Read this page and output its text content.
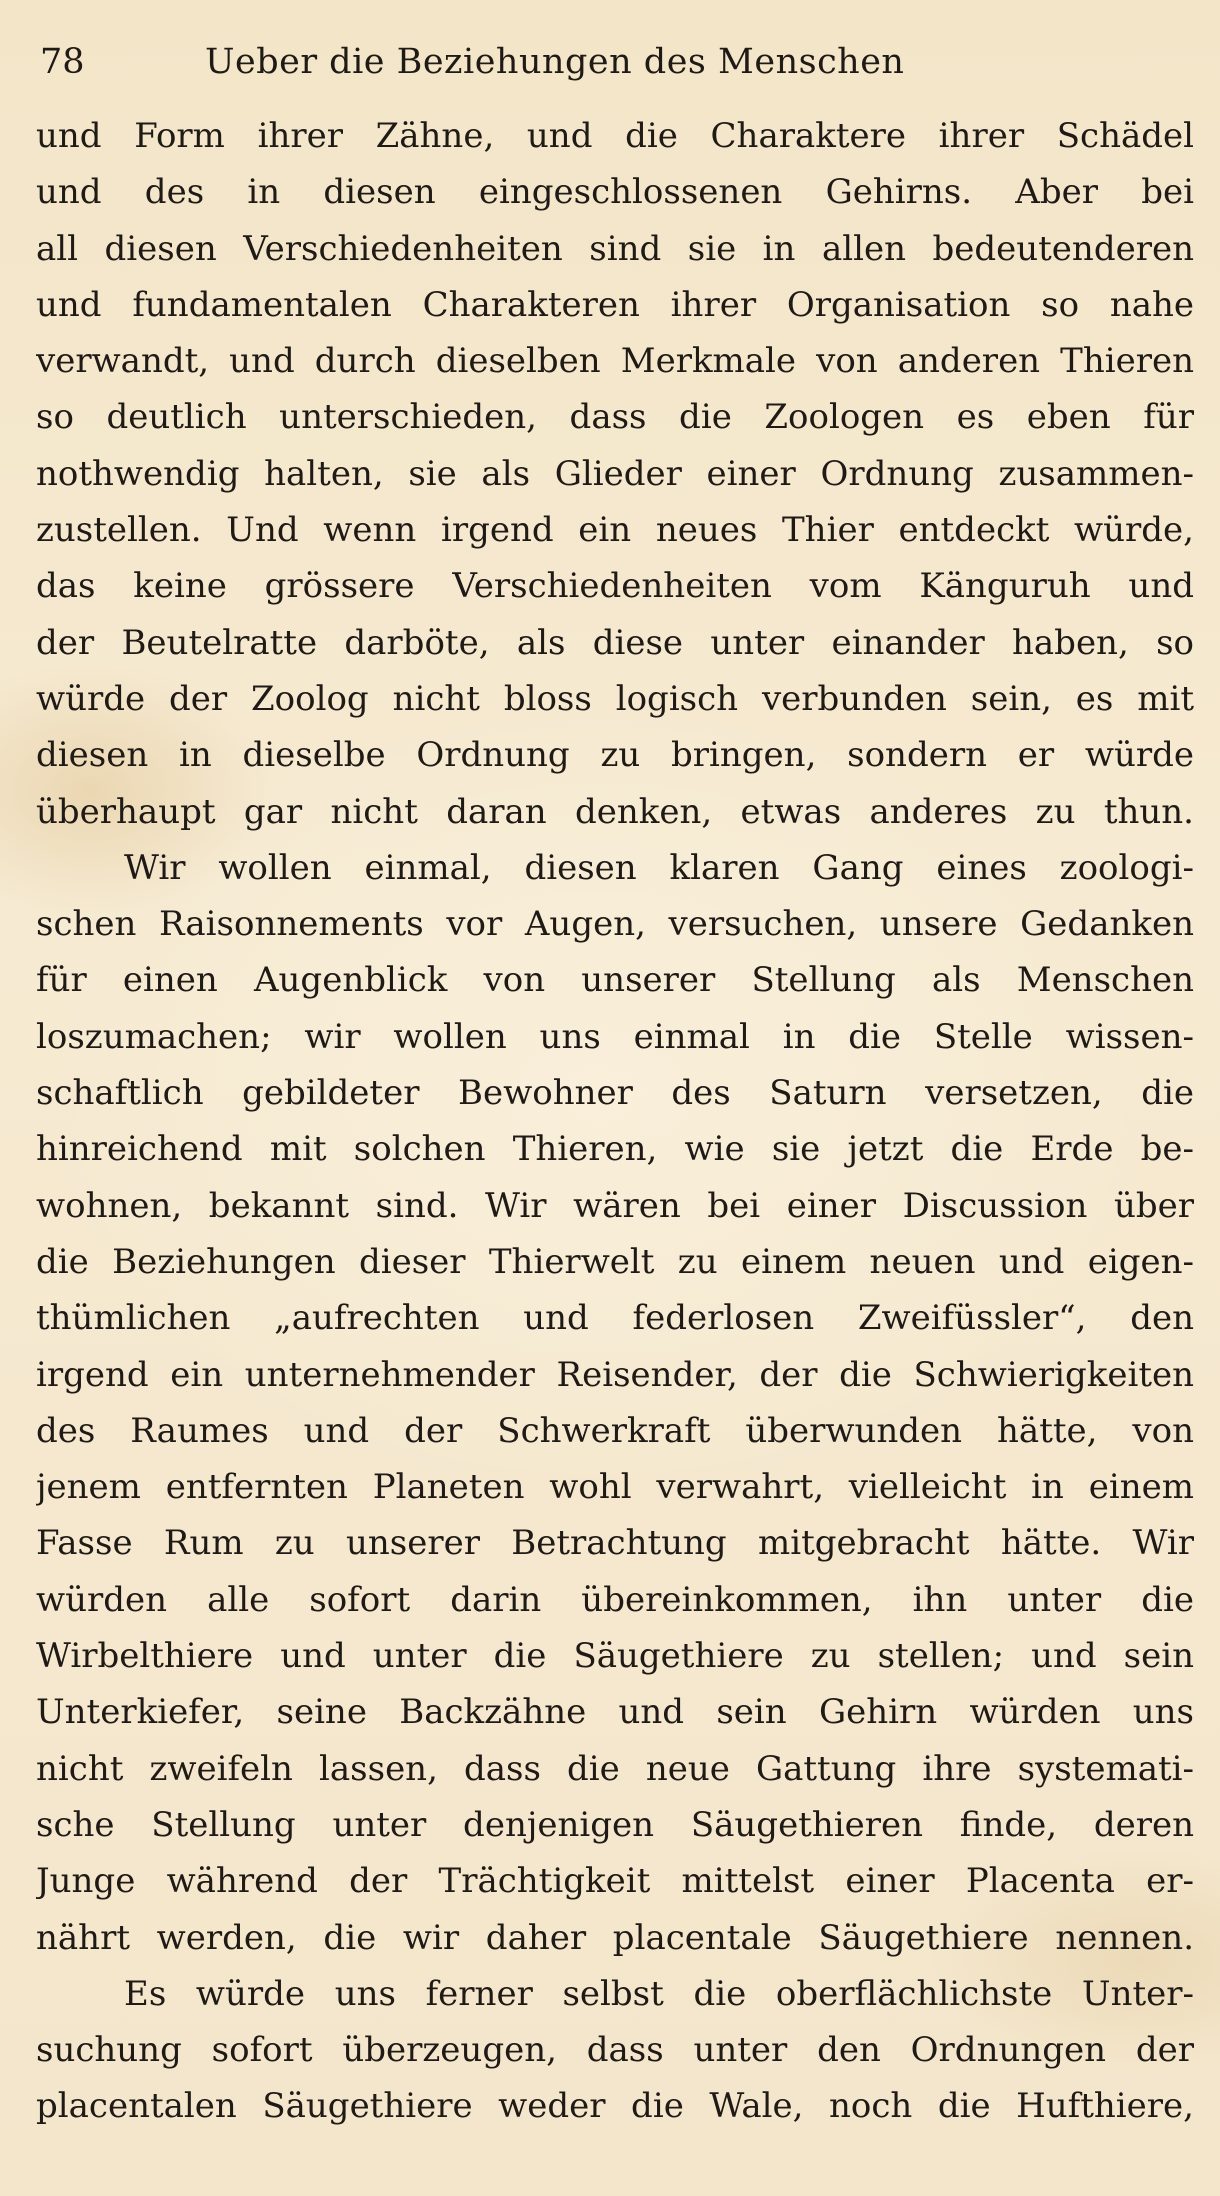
78	Ueber die Beziehungen des Menschen
und Form ihrer Zähne, und die Charaktere ihrer Schädel
und des in diesen eingeschlossenen Gehirns. Aber bei
all diesen Verschiedenheiten sind sie in allen bedeutenderen
und fundamentalen Charakteren ihrer Organisation so nahe
verwandt, und durch dieselben Merkmale von anderen Thieren
so deutlich unterschieden, dass die Zoologen es eben für
nothwendig halten, sie als Glieder einer Ordnung zusammen-
zustellen. Und wenn irgend ein neues Thier entdeckt würde,
das keine grössere Verschiedenheiten vom Känguruh und
der Beutelratte darböte, als diese unter einander haben, so
würde der Zoolog nicht bloss logisch verbunden sein, es mit
diesen in dieselbe Ordnung zu bringen, sondern er würde
überhaupt gar nicht daran denken, etwas anderes zu thun.
Wir wollen einmal, diesen klaren Gang eines zoologi-
schen Raisonnements vor Augen, versuchen, unsere Gedanken
für einen Augenblick von unserer Stellung als Menschen
loszumachen; wir wollen uns einmal in die Stelle wissen-
schaftlich gebildeter Bewohner des Saturn versetzen, die
hinreichend mit solchen Thieren, wie sie jetzt die Erde be-
wohnen, bekannt sind. Wir wären bei einer Discussion über
die Beziehungen dieser Thierwelt zu einem neuen und eigen-
thümlichen „aufrechten und federlosen Zweifüssler“, den
irgend ein unternehmender Reisender, der die Schwierigkeiten
des Raumes und der Schwerkraft überwunden hätte, von
jenem entfernten Planeten wohl verwahrt, vielleicht in einem
Fasse Rum zu unserer Betrachtung mitgebracht hätte. Wir
würden alle sofort darin übereinkommen, ihn unter die
Wirbelthiere und unter die Säugethiere zu stellen; und sein
Unterkiefer, seine Backzähne und sein Gehirn würden uns
nicht zweifeln lassen, dass die neue Gattung ihre systemati-
sche Stellung unter denjenigen Säugethieren finde, deren
Junge während der Trächtigkeit mittelst einer Placenta er-
nährt werden, die wir daher placentale Säugethiere nennen.
Es würde uns ferner selbst die oberflächlichste Unter-
suchung sofort überzeugen, dass unter den Ordnungen der
placentalen Säugethiere weder die Wale, noch die Hufthiere,
